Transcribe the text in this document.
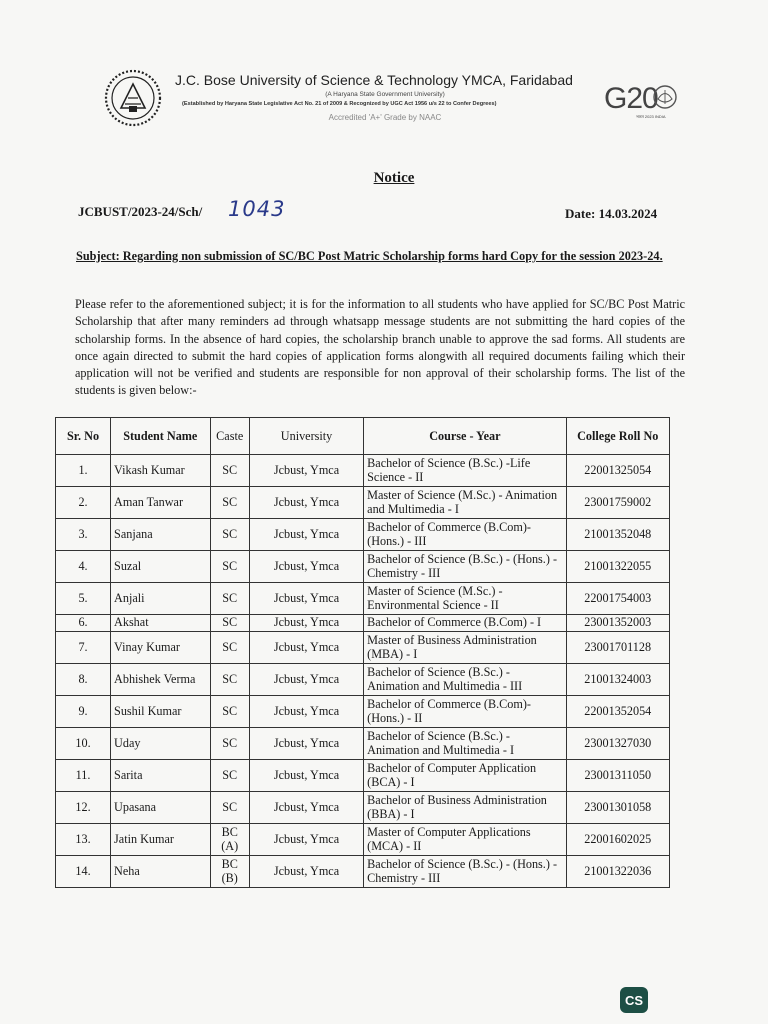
J.C. Bose University of Science & Technology YMCA, Faridabad
(A Haryana State Government University)
(Established by Haryana State Legislative Act No. 21 of 2009 & Recognized by UGC Act 1956 u/s 22 to Confer Degrees)
Accredited 'A+' Grade by NAAC
G20
भारत 2023 INDIA
Notice
JCBUST/2023-24/Sch/ 1043	Date: 14.03.2024
Subject: Regarding non submission of SC/BC Post Matric Scholarship forms hard Copy for the session 2023-24.
Please refer to the aforementioned subject; it is for the information to all students who have applied for SC/BC Post Matric Scholarship that after many reminders ad through whatsapp message students are not submitting the hard copies of the scholarship forms. In the absence of hard copies, the scholarship branch unable to approve the sad forms. All students are once again directed to submit the hard copies of application forms alongwith all required documents failing which their application will not be verified and students are responsible for non approval of their scholarship forms. The list of the students is given below:-
Sr. No	Student Name	Caste	University	Course - Year	College Roll No
1.	Vikash Kumar	SC	Jcbust, Ymca	Bachelor of Science (B.Sc.) -Life Science - II	22001325054
2.	Aman Tanwar	SC	Jcbust, Ymca	Master of Science (M.Sc.) - Animation and Multimedia - I	23001759002
3.	Sanjana	SC	Jcbust, Ymca	Bachelor of Commerce (B.Com)- (Hons.) - III	21001352048
4.	Suzal	SC	Jcbust, Ymca	Bachelor of Science (B.Sc.) - (Hons.) - Chemistry - III	21001322055
5.	Anjali	SC	Jcbust, Ymca	Master of Science (M.Sc.) - Environmental Science - II	22001754003
6.	Akshat	SC	Jcbust, Ymca	Bachelor of Commerce (B.Com) - I	23001352003
7.	Vinay Kumar	SC	Jcbust, Ymca	Master of Business Administration (MBA) - I	23001701128
8.	Abhishek Verma	SC	Jcbust, Ymca	Bachelor of Science (B.Sc.) - Animation and Multimedia - III	21001324003
9.	Sushil Kumar	SC	Jcbust, Ymca	Bachelor of Commerce (B.Com)- (Hons.) - II	22001352054
10.	Uday	SC	Jcbust, Ymca	Bachelor of Science (B.Sc.) - Animation and Multimedia - I	23001327030
11.	Sarita	SC	Jcbust, Ymca	Bachelor of Computer Application (BCA) - I	23001311050
12.	Upasana	SC	Jcbust, Ymca	Bachelor of Business Administration (BBA) - I	23001301058
13.	Jatin Kumar	BC (A)	Jcbust, Ymca	Master of Computer Applications (MCA) - II	22001602025
14.	Neha	BC (B)	Jcbust, Ymca	Bachelor of Science (B.Sc.) - (Hons.) - Chemistry - III	21001322036
CS
